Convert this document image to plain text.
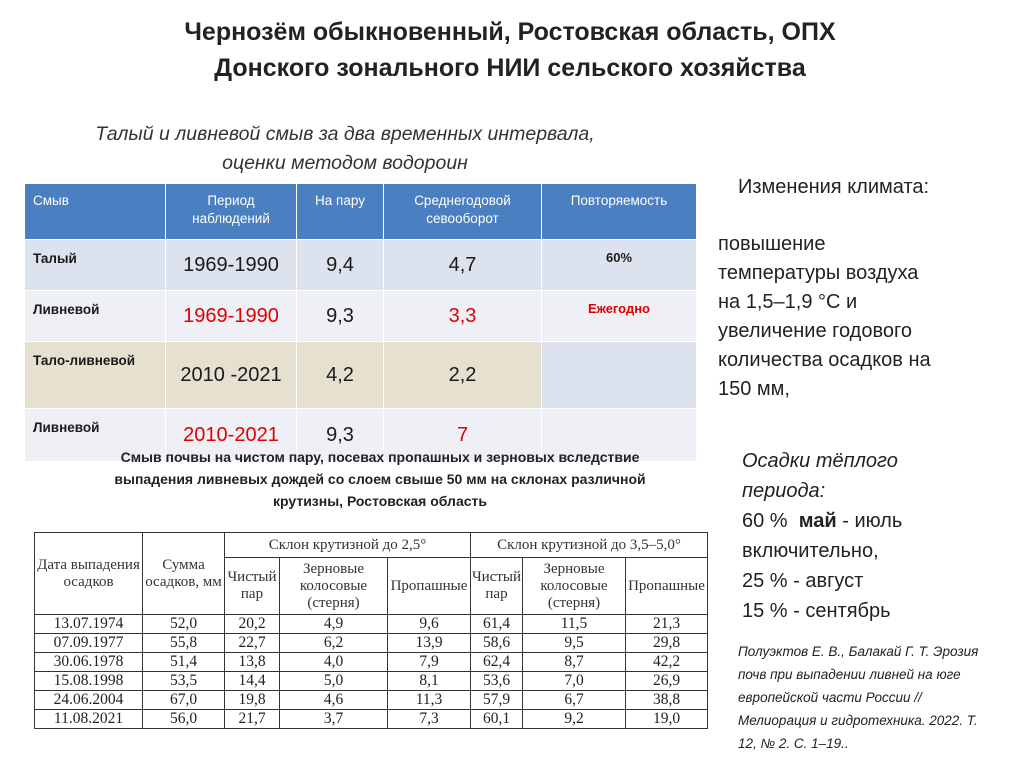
Чернозём обыкновенный, Ростовская область, ОПХ
Донского зонального НИИ сельского хозяйства
Талый и ливневой смыв за два временных интервала,
оценки методом водороин
Смыв	Период наблюдений	На пару	Среднегодовой севооборот	Повторяемость
Талый	1969-1990	9,4	4,7	60%
Ливневой	1969-1990	9,3	3,3	Ежегодно
Тало-ливневой	2010 -2021	4,2	2,2	
Ливневой	2010-2021	9,3	7	
Смыв почвы на чистом пару, посевах пропашных и зерновых вследствие
выпадения ливневых дождей со слоем свыше 50 мм на склонах различной
крутизны, Ростовская область
Дата выпадения осадков	Сумма осадков, мм	Склон крутизной до 2,5°			Склон крутизной до 3,5–5,0°		
		Чистый пар	Зерновые колосовые (стерня)	Пропашные	Чистый пар	Зерновые колосовые (стерня)	Пропашные
13.07.1974	52,0	20,2	4,9	9,6	61,4	11,5	21,3
07.09.1977	55,8	22,7	6,2	13,9	58,6	9,5	29,8
30.06.1978	51,4	13,8	4,0	7,9	62,4	8,7	42,2
15.08.1998	53,5	14,4	5,0	8,1	53,6	7,0	26,9
24.06.2004	67,0	19,8	4,6	11,3	57,9	6,7	38,8
11.08.2021	56,0	21,7	3,7	7,3	60,1	9,2	19,0
Изменения климата:
повышение
температуры воздуха
на 1,5–1,9 °С и
увеличение годового
количества осадков на
150 мм,
Осадки тёплого
периода:
60 % май - июль
включительно,
25 % - август
15 % - сентябрь
Полуэктов Е. В., Балакай Г. Т. Эрозия
почв при выпадении ливней на юге
европейской части России //
Мелиорация и гидротехника. 2022. Т.
12, № 2. С. 1–19..
